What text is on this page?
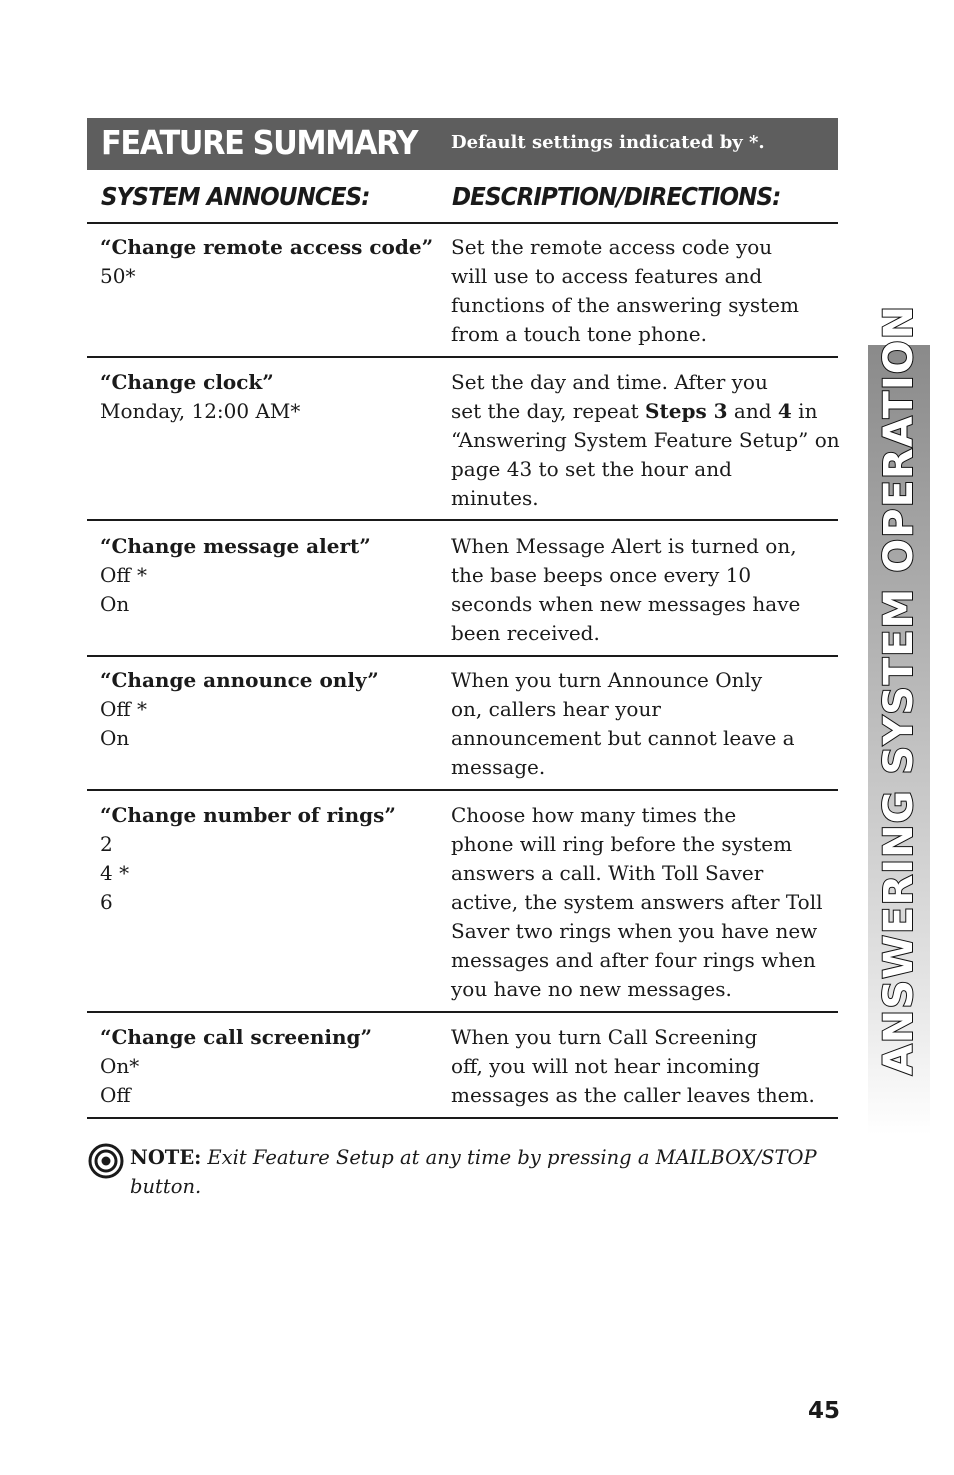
FEATURE SUMMARY Default settings indicated by *.
SYSTEM ANNOUNCES:	DESCRIPTION/DIRECTIONS:
“Change remote access code”
50*
Set the remote access code you
will use to access features and
functions of the answering system
from a touch tone phone.
“Change clock”
Monday, 12:00 AM*
Set the day and time. After you
set the day, repeat Steps 3 and 4 in
“Answering System Feature Setup” on
page 43 to set the hour and
minutes.
“Change message alert”
Off *
On
When Message Alert is turned on,
the base beeps once every 10
seconds when new messages have
been received.
“Change announce only”
Off *
On
When you turn Announce Only
on, callers hear your
announcement but cannot leave a
message.
“Change number of rings”
2
4 *
6
Choose how many times the
phone will ring before the system
answers a call. With Toll Saver
active, the system answers after Toll
Saver two rings when you have new
messages and after four rings when
you have no new messages.
“Change call screening”
On*
Off
When you turn Call Screening
off, you will not hear incoming
messages as the caller leaves them.
NOTE: Exit Feature Setup at any time by pressing a MAILBOX/STOP button.
ANSWERING SYSTEM OPERATION
45
